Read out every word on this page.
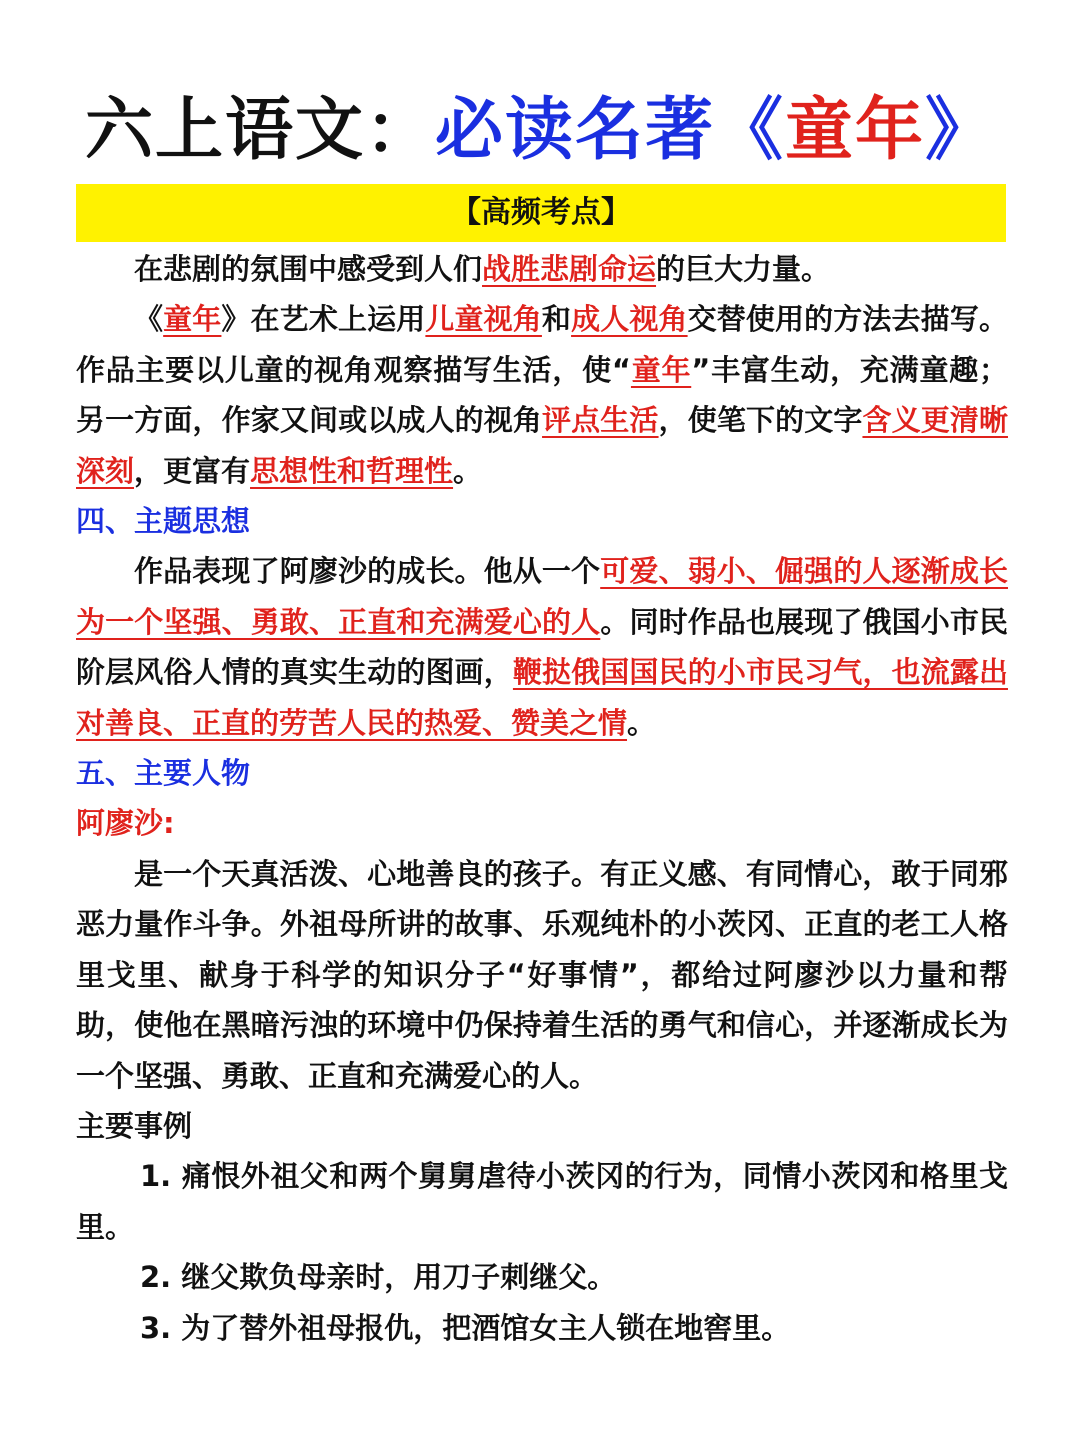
六上语文：必读名著《童年》
【高频考点】

在悲剧的氛围中感受到人们战胜悲剧命运的巨大力量。

《童年》在艺术上运用儿童视角和成人视角交替使用的方法去描写。作品主要以儿童的视角观察描写生活，使“童年”丰富生动，充满童趣；另一方面，作家又间或以成人的视角评点生活，使笔下的文字含义更清晰深刻，更富有思想性和哲理性。

四、主题思想

作品表现了阿廖沙的成长。他从一个可爱、弱小、倔强的人逐渐成长为一个坚强、勇敢、正直和充满爱心的人。同时作品也展现了俄国小市民阶层风俗人情的真实生动的图画，鞭挞俄国国民的小市民习气，也流露出对善良、正直的劳苦人民的热爱、赞美之情。

五、主要人物

阿廖沙:

是一个天真活泼、心地善良的孩子。有正义感、有同情心，敢于同邪恶力量作斗争。外祖母所讲的故事、乐观纯朴的小茨冈、正直的老工人格里戈里、献身于科学的知识分子“好事情”，都给过阿廖沙以力量和帮助，使他在黑暗污浊的环境中仍保持着生活的勇气和信心，并逐渐成长为一个坚强、勇敢、正直和充满爱心的人。

主要事例

1. 痛恨外祖父和两个舅舅虐待小茨冈的行为，同情小茨冈和格里戈里。

2. 继父欺负母亲时，用刀子刺继父。

3. 为了替外祖母报仇，把酒馆女主人锁在地窖里。
